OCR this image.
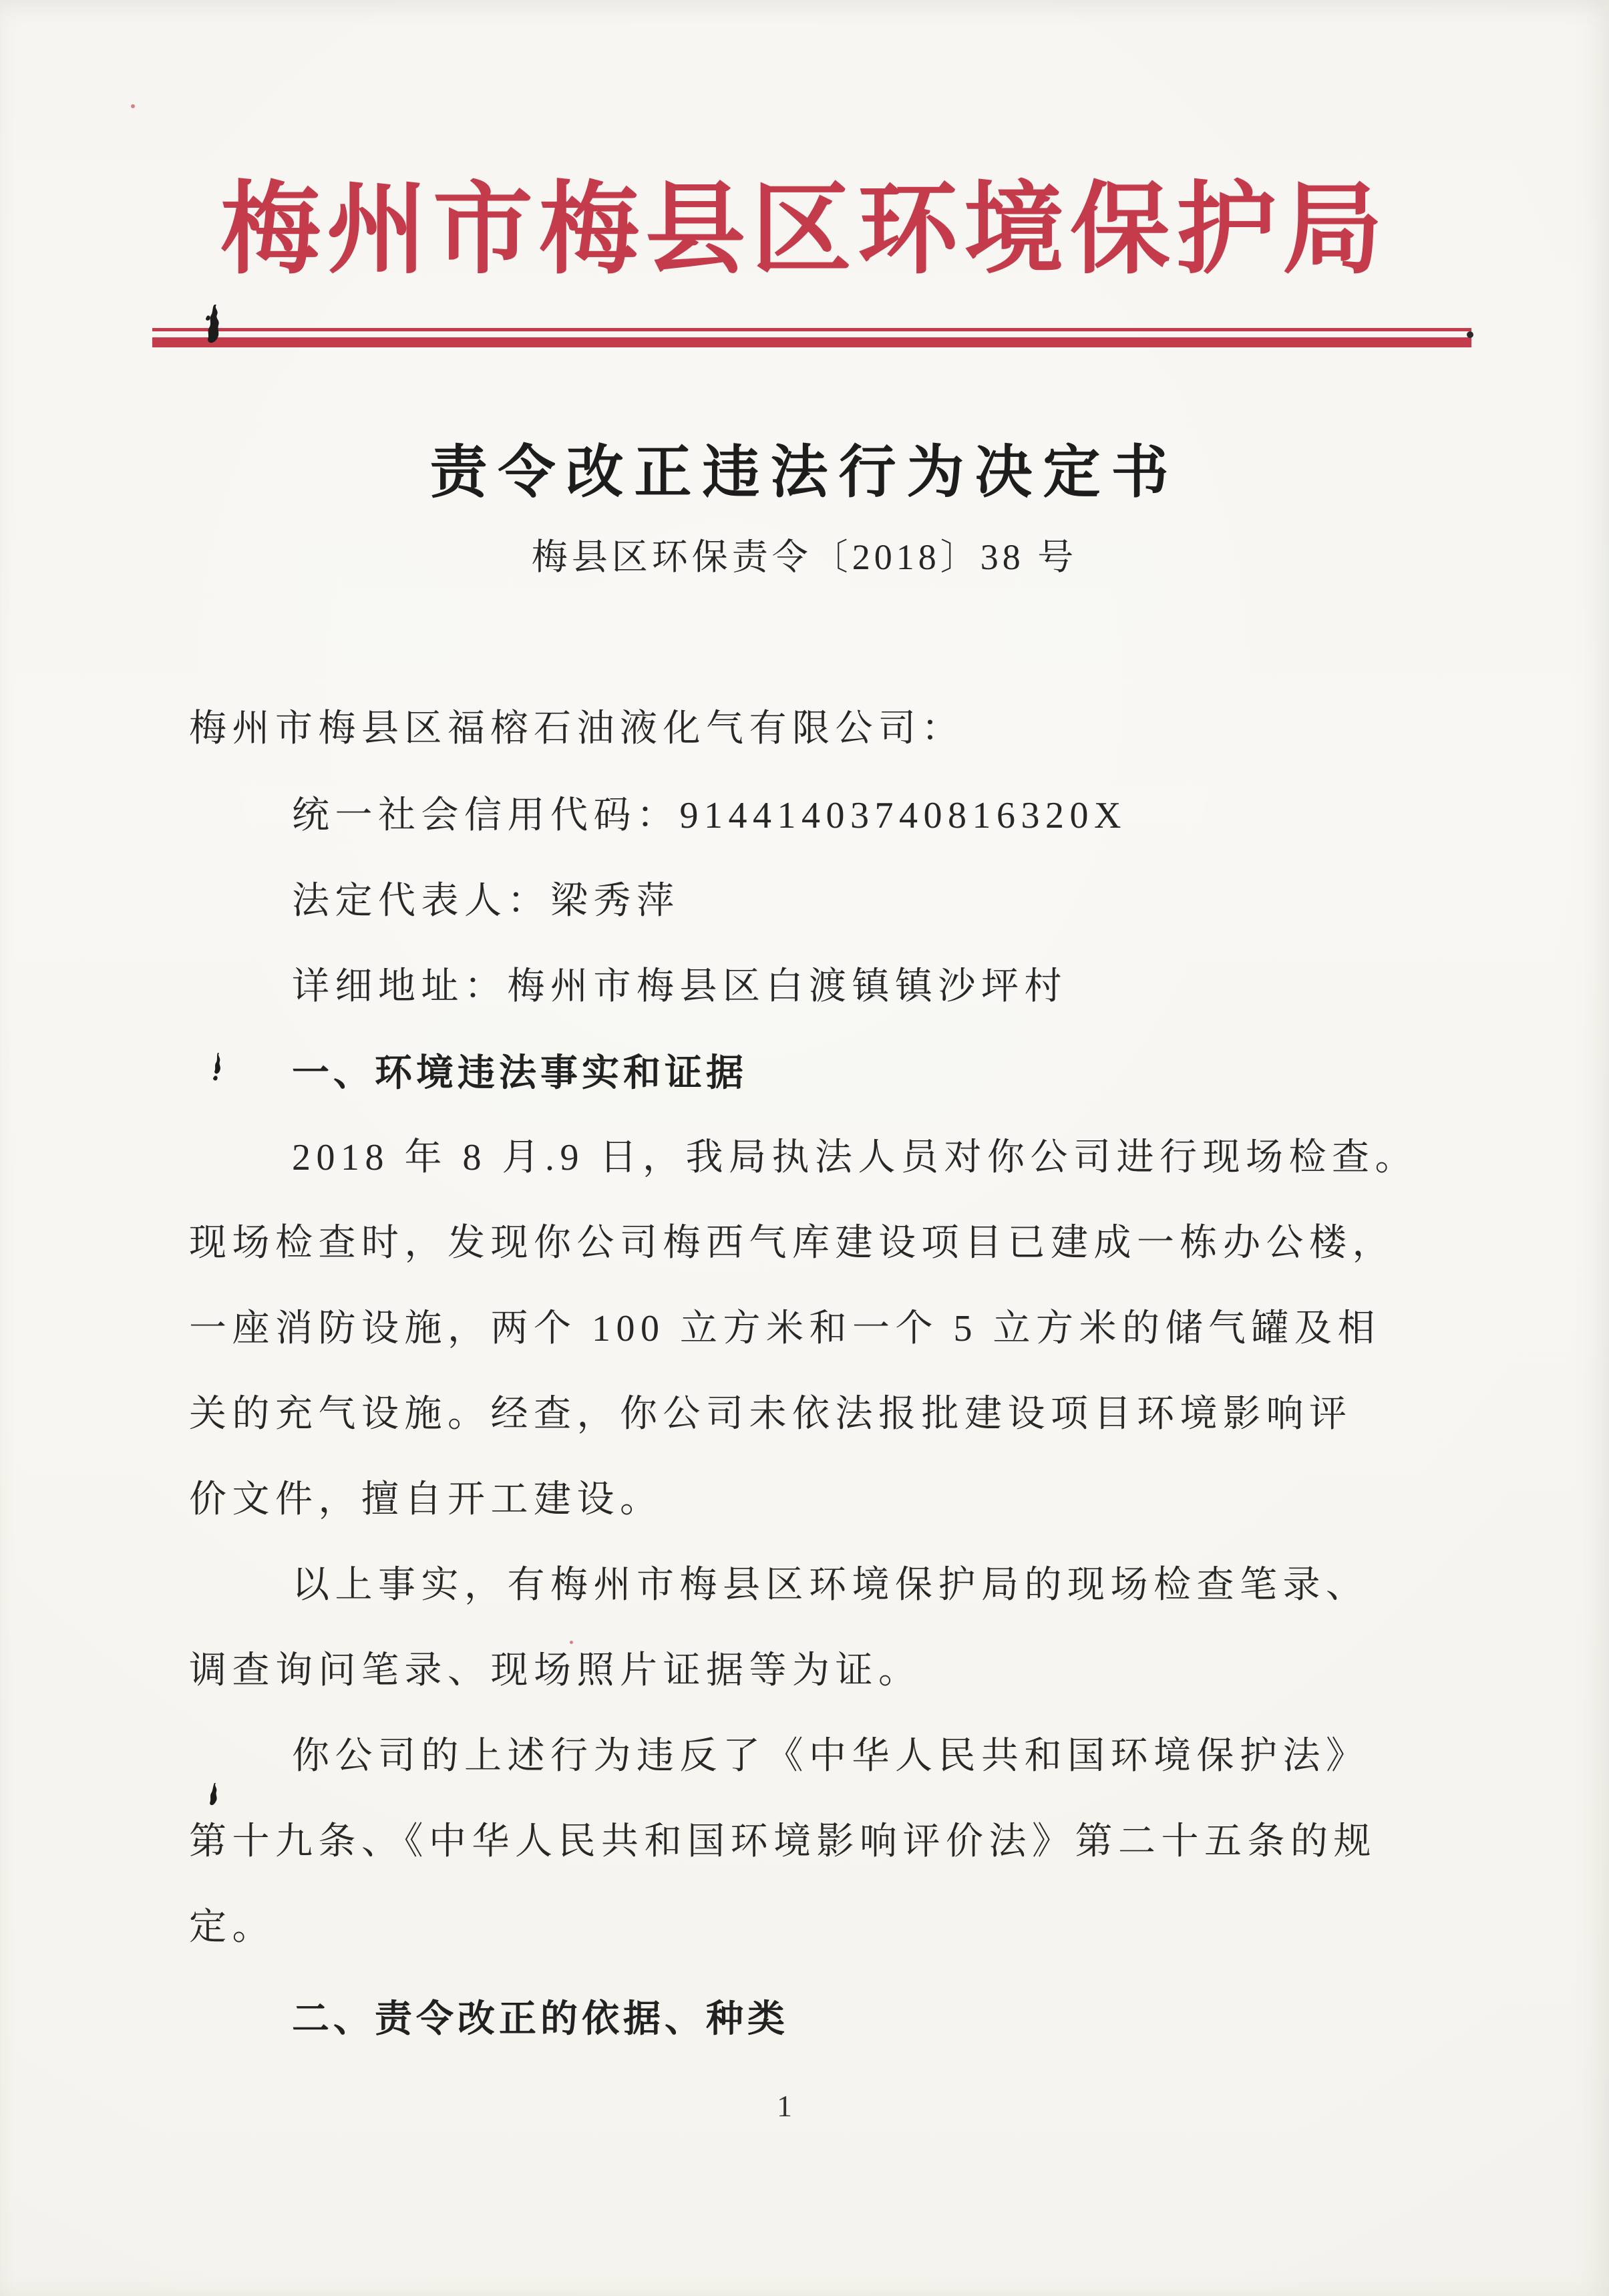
梅州市梅县区环境保护局
责令改正违法行为决定书

梅县区环保责令〔2018〕38 号

梅州市梅县区福榕石油液化气有限公司：

统一社会信用代码：91441403740816320X

法定代表人：梁秀萍

详细地址：梅州市梅县区白渡镇镇沙坪村

一、环境违法事实和证据

2018 年 8 月.9 日，我局执法人员对你公司进行现场检查。

现场检查时，发现你公司梅西气库建设项目已建成一栋办公楼，

一座消防设施，两个 100 立方米和一个 5 立方米的储气罐及相

关的充气设施。经查，你公司未依法报批建设项目环境影响评

价文件，擅自开工建设。

以上事实，有梅州市梅县区环境保护局的现场检查笔录、

调查询问笔录、现场照片证据等为证。

你公司的上述行为违反了《中华人民共和国环境保护法》

第十九条、《中华人民共和国环境影响评价法》第二十五条的规

定。

二、责令改正的依据、种类

1
